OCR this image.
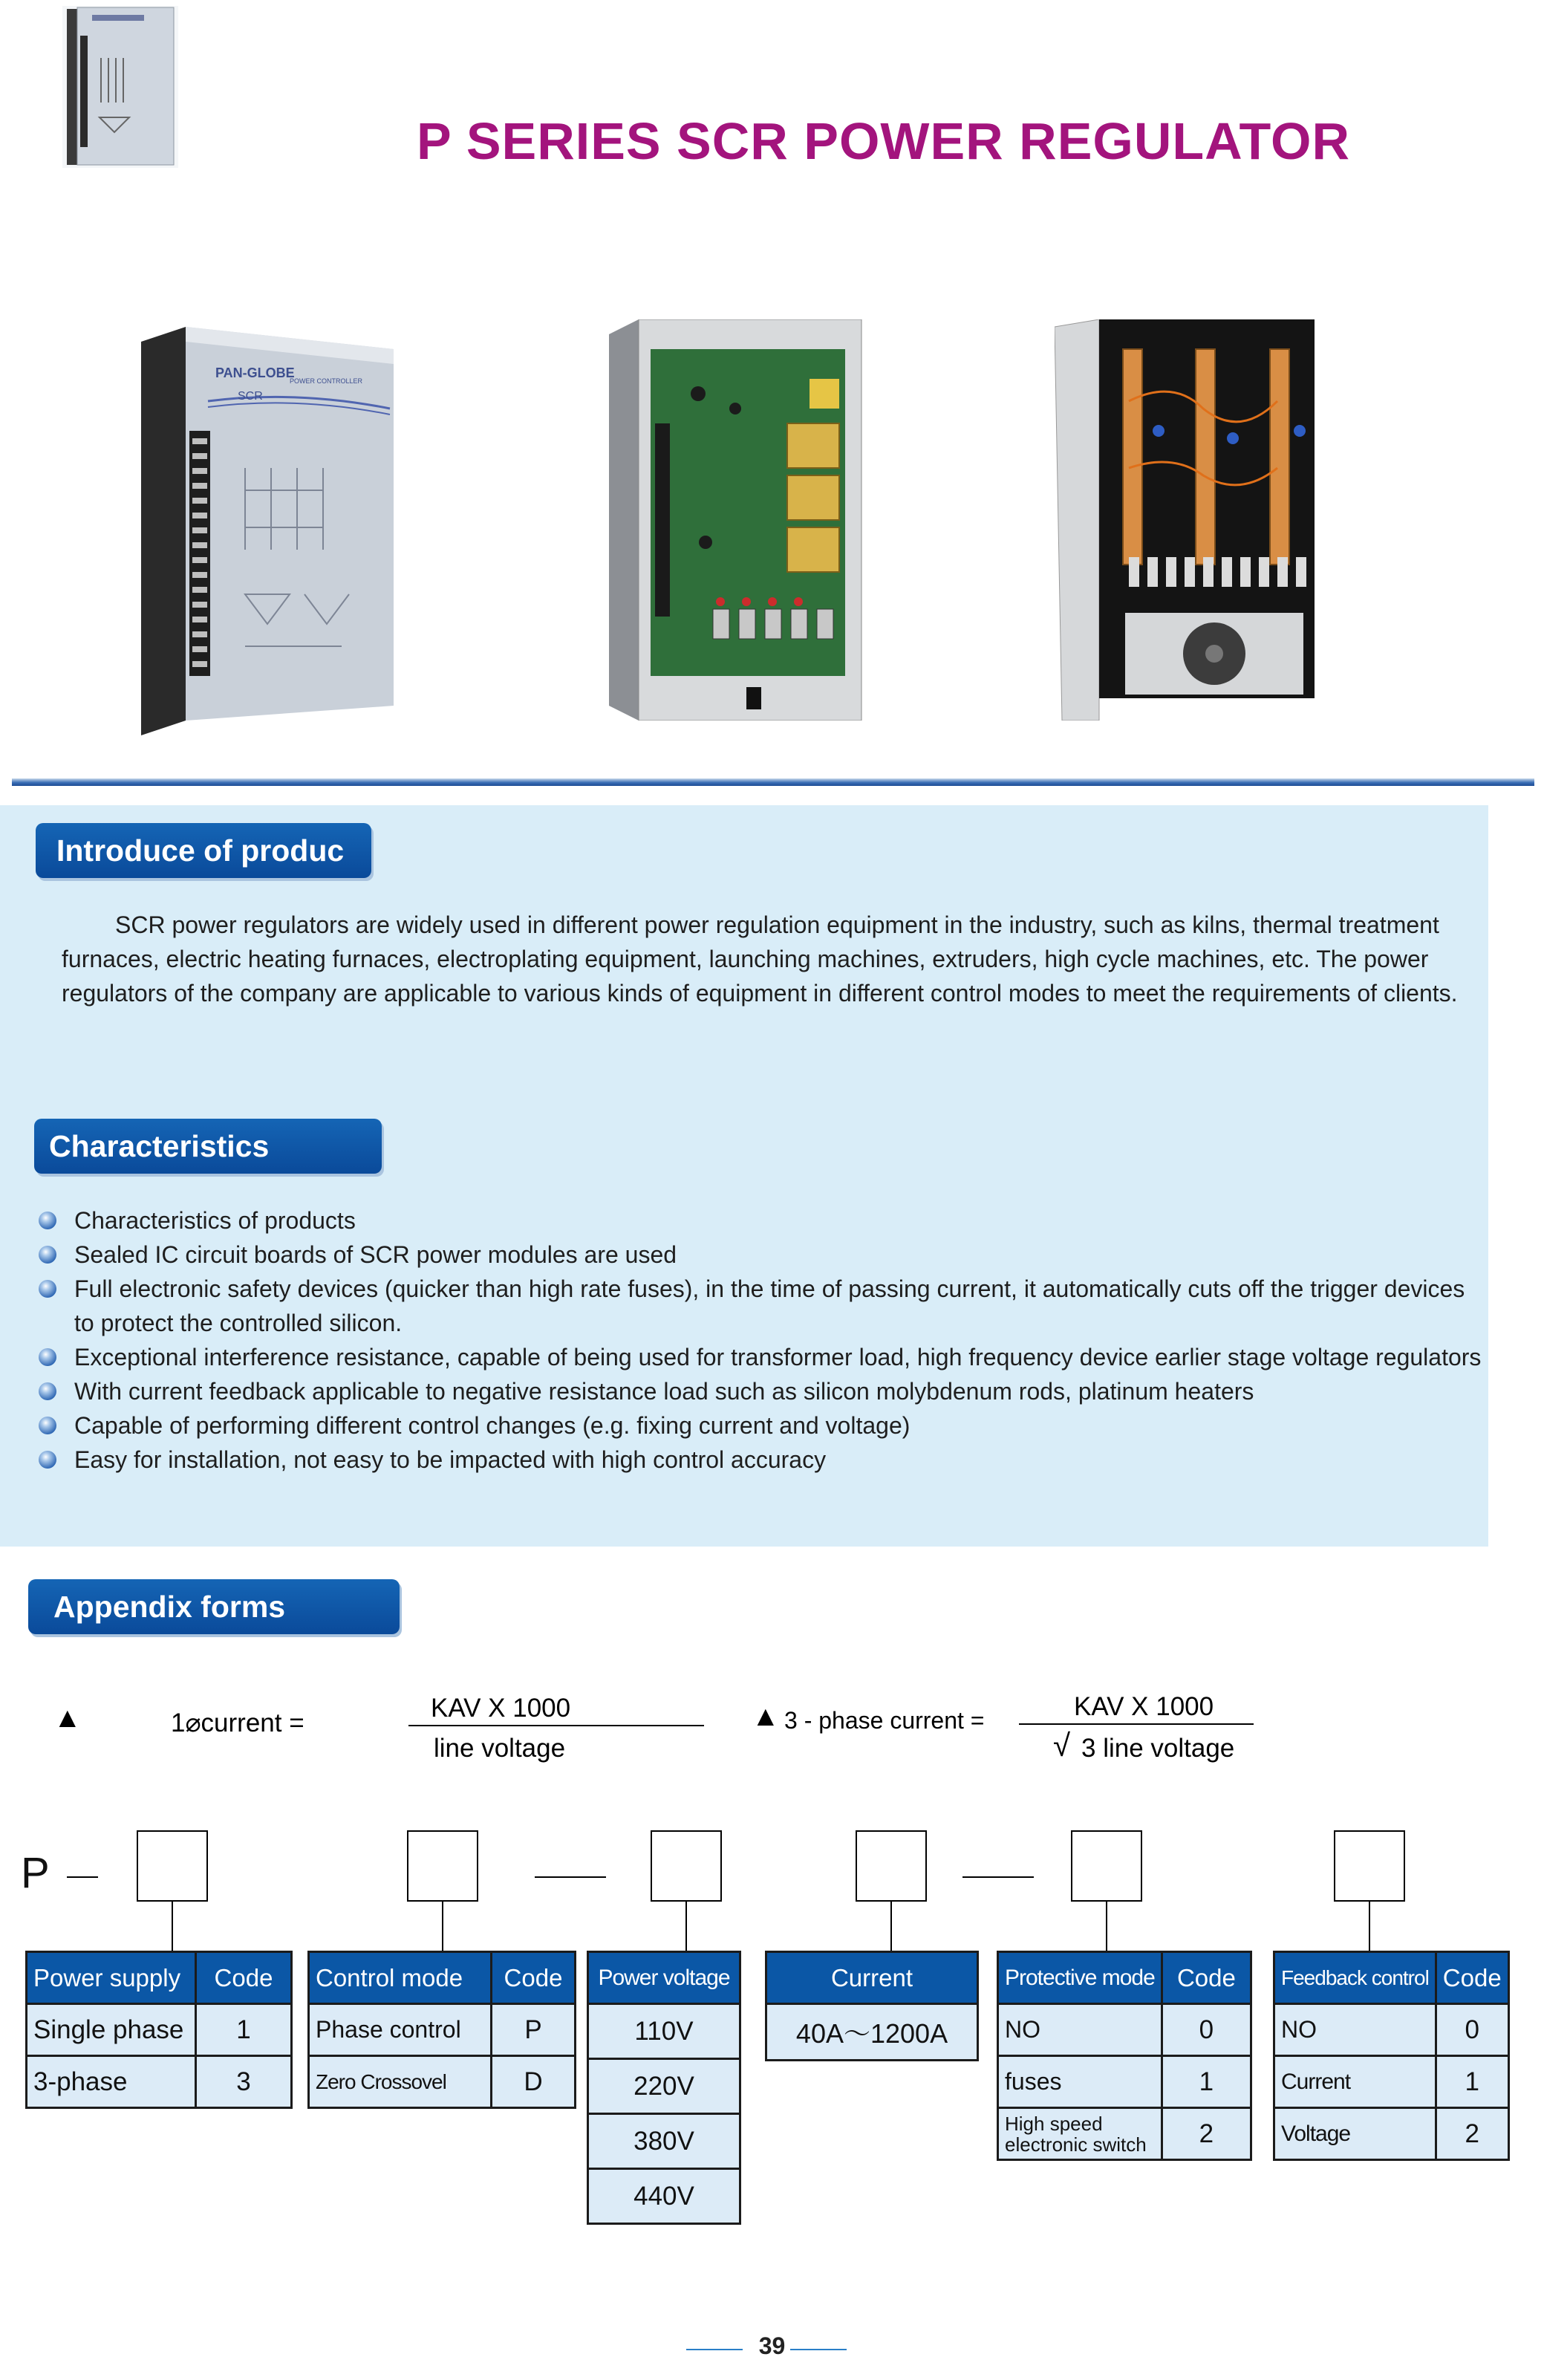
P SERIES SCR POWER REGULATOR
PAN-GLOBE
SCR
POWER CONTROLLER
Introduce of produc
SCR power regulators are widely used in different power regulation equipment in the industry, such as kilns, thermal treatment furnaces, electric heating furnaces, electroplating equipment, launching machines, extruders, high cycle machines, etc. The power regulators of the company are applicable to various kinds of equipment in different control modes to meet the requirements of clients.
Characteristics
Characteristics of products
Sealed IC circuit boards of SCR power modules are used
Full electronic safety devices (quicker than high rate fuses), in the time of passing current, it automatically cuts off the trigger devices to protect the controlled silicon.
Exceptional interference resistance, capable of being used for transformer load, high frequency device earlier stage voltage regulators
With current feedback applicable to negative resistance load such as silicon molybdenum rods, platinum heaters
Capable of performing different control changes (e.g. fixing current and voltage)
Easy for installation, not easy to be impacted with high control accuracy
Appendix forms
▲	1⌀current =
KAV X 1000
line voltage
▲ 3 - phase current =	KAV X 1000
√ 3 line voltage
P
Power supply	Code
Single phase	1
3-phase	3
Control mode	Code
Phase control	P
Zero Crossovel	D
Power voltage
110V
220V
380V
440V
Current
40A～1200A
Protective mode	Code
NO	0
fuses	1
High speed electronic switch	2
Feedback control	Code
NO	0
Current	1
Voltage	2
39
